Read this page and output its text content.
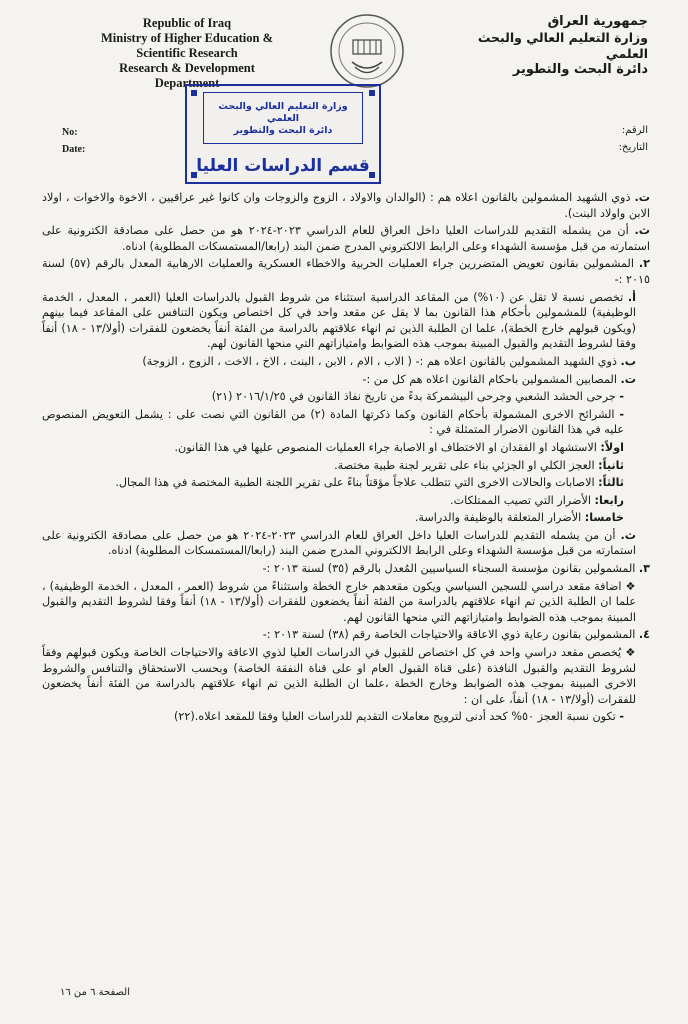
Republic of Iraq
Ministry of Higher Education &
Scientific Research
Research & Development
Department
جمهورية العراق
وزارة التعليم العالي والبحث العلمي
دائرة البحث والتطوير
No:
Date:
الرقم:
التاريخ:
وزارة التعليم العالي والبحث العلمي
دائرة البحث والتطوير
قسم الدراسات العليا
ت. ذوي الشهيد المشمولين بالقانون اعلاه هم : (الوالدان والاولاد ، الزوج والزوجات وان كانوا غير عراقيين ، الاخوة والاخوات ، اولاد الابن واولاد البنت).
ث. أن من يشمله التقديم للدراسات العليا داخل العراق للعام الدراسي ٢٠٢٣-٢٠٢٤ هو من حصل على مصادقة الكترونية على استمارته من قبل مؤسسة الشهداء وعلى الرابط الالكتروني المدرج ضمن البند (رابعا/المستمسكات المطلوبة) ادناه.
٢. المشمولين بقانون تعويض المتضررين جراء العمليات الحربية والاخطاء العسكرية والعمليات الارهابية المعدل بالرقم (٥٧) لسنة ٢٠١٥ :-
أ. تخصص نسبة لا تقل عن (١٠%) من المقاعد الدراسية استثناء من شروط القبول بالدراسات العليا (العمر ، المعدل ، الخدمة الوظيفية) للمشمولين بأحكام هذا القانون بما لا يقل عن مقعد واحد في كل اختصاص ويكون التنافس على المقاعد فيما بينهم (ويكون قبولهم خارج الخطة)، علما ان الطلبة الذين تم انهاء علاقتهم بالدراسة من الفئة أنفاً يخضعون للفقرات (أولا/١٣ - ١٨) أنفاً وفقا لشروط التقديم والقبول المبينة بموجب هذه الضوابط وامتيازاتهم التي منحها القانون لهم.
ب. ذوي الشهيد المشمولين بالقانون اعلاه هم :- ( الاب ، الام ، الابن ، البنت ، الاخ ، الاخت ، الزوج ، الزوجة)
ت. المصابين المشمولين باحكام القانون اعلاه هم كل من :-
- جرحى الحشد الشعبي وجرحى البيشمركة بدءً من تاريخ نفاذ القانون في ٢٠١٦/١/٢٥ (٢١)
- الشرائح الاخرى المشمولة بأحكام القانون وكما ذكرتها المادة (٢) من القانون التي نصت على : يشمل التعويض المنصوص عليه في هذا القانون الاضرار المتمثلة في :
اولاً: الاستشهاد او الفقدان او الاختطاف او الاصابة جراء العمليات المنصوص عليها في هذا القانون.
ثانياً: العجز الكلي او الجزئي بناء على تقرير لجنة طبية مختصة.
ثالثاً: الاصابات والحالات الاخرى التي تتطلب علاجاً مؤقتاً بناءً على تقرير اللجنة الطبية المختصة في هذا المجال.
رابعا: الأضرار التي تصيب الممتلكات.
خامسا: الأضرار المتعلقة بالوظيفة والدراسة.
ث. أن من يشمله التقديم للدراسات العليا داخل العراق للعام الدراسي ٢٠٢٣-٢٠٢٤ هو من حصل على مصادقة الكترونية على استمارته من قبل مؤسسة الشهداء وعلى الرابط الالكتروني المدرج ضمن البند (رابعا/المستمسكات المطلوبة) ادناه.
٣. المشمولين بقانون مؤسسة السجناء السياسيين المُعدل بالرقم (٣٥) لسنة ٢٠١٣ :-
❖ اضافة مقعد دراسي للسجين السياسي ويكون مقعدهم خارج الخطة واستثناءً من شروط (العمر ، المعدل ، الخدمة الوظيفية) ، علما ان الطلبة الذين تم انهاء علاقتهم بالدراسة من الفئة أنفاً يخضعون للفقرات (أولا/١٣ - ١٨) أنفاً وفقا لشروط التقديم والقبول المبينة بموجب هذه الضوابط وامتيازاتهم التي منحها القانون لهم.
٤. المشمولين بقانون رعاية ذوي الاعاقة والاحتياجات الخاصة رقم (٣٨) لسنة ٢٠١٣ :-
❖ يُخصص مقعد دراسي واحد في كل اختصاص للقبول في الدراسات العليا لذوي الاعاقة والاحتياجات الخاصة ويكون قبولهم وفقاً لشروط التقديم والقبول النافذة (على قناة القبول العام او على قناة النفقة الخاصة) وبحسب الاستحقاق والتنافس والشروط الاخرى المبينة بموجب هذه الضوابط وخارج الخطة ،علما ان الطلبة الذين تم انهاء علاقتهم بالدراسة من الفئة أنفاً يخضعون للفقرات (أولا/١٣ - ١٨) أنفاً، على ان :
- تكون نسبة العجز ٥٠% كحد أدنى لترويج معاملات التقديم للدراسات العليا وفقا للمقعد اعلاه.(٢٢)
الصفحة ٦ من ١٦
